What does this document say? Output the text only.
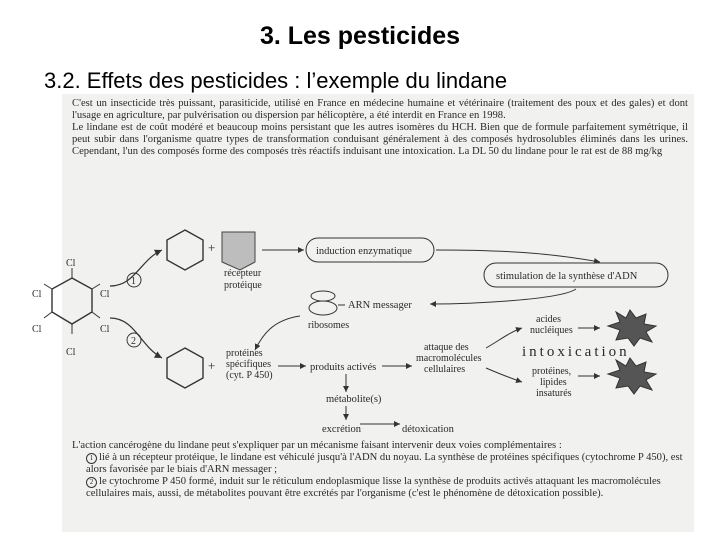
3. Les pesticides
3.2. Effets des pesticides : l’exemple du lindane

C'est un insecticide très puissant, parasiticide, utilisé en France en médecine humaine et vétérinaire (traitement des poux et des gales) et dont l'usage en agriculture, par pulvérisation ou dispersion par hélicoptère, a été interdit en France en 1998.

Le lindane est de coût modéré et beaucoup moins persistant que les autres isomères du HCH. Bien que de formule parfaitement symétrique, il peut subir dans l'organisme quatre types de transformation conduisant généralement à des composés hydrosolubles éliminés dans les urines. Cependant, l'un des composés forme des composés très réactifs induisant une intoxication. La DL 50 du lindane pour le rat est de 88 mg/kg

Cl
Cl
Cl
Cl
Cl
Cl
1
2
+
récepteur protéique
induction enzymatique
stimulation de la synthèse d'ADN
ARN messager
ribosomes
+
protéines spécifiques (cyt. P 450)
produits activés
attaque des macromolécules cellulaires
acides nucléiques
intoxication
protéines, lipides insaturés
métabolite(s)
excrétion	détoxication

L'action cancérogène du lindane peut s'expliquer par un mécanisme faisant intervenir deux voies complémentaires :

1 lié à un récepteur protéique, le lindane est véhiculé jusqu'à l'ADN du noyau. La synthèse de protéines spécifiques (cytochrome P 450), est alors favorisée par le biais d'ARN messager ;

2 le cytochrome P 450 formé, induit sur le réticulum endoplasmique lisse la synthèse de produits activés attaquant les macromolécules cellulaires mais, aussi, de métabolites pouvant être excrétés par l'organisme (c'est le phénomène de détoxication possible).
